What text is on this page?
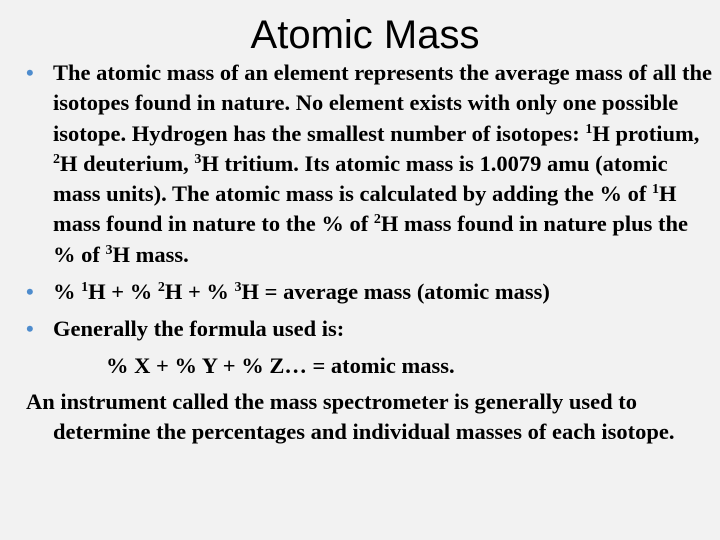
Atomic Mass

• The atomic mass of an element represents the average mass of all the isotopes found in nature. No element exists with only one possible isotope. Hydrogen has the smallest number of isotopes: $^1$H protium, $^2$H deuterium, $^3$H tritium. Its atomic mass is 1.0079 amu (atomic mass units). The atomic mass is calculated by adding the % of $^1$H mass found in nature to the % of $^2$H mass found in nature plus the % of $^3$H mass.

• % $^1$H + % $^2$H + % $^3$H = average mass (atomic mass)

• Generally the formula used is:

% X + % Y + % Z… = atomic mass.
An instrument called the mass spectrometer is generally used to determine the percentages and individual masses of each isotope.
